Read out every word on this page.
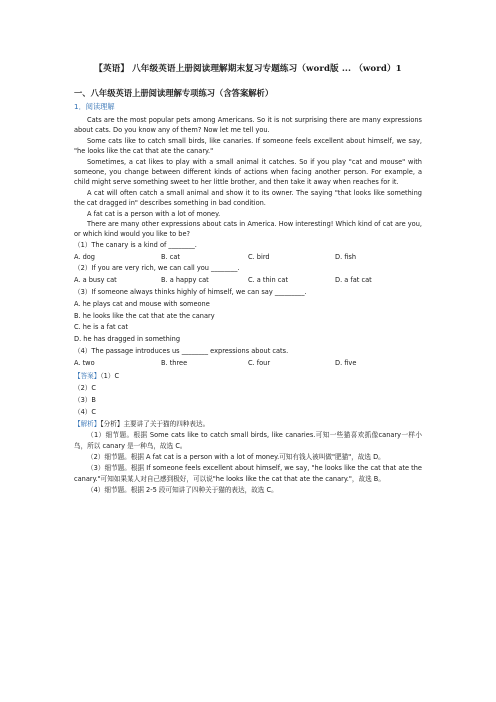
【英语】 八年级英语上册阅读理解期末复习专题练习（word版 ... （word）1
一、八年级英语上册阅读理解专项练习（含答案解析）
1．阅读理解

Cats are the most popular pets among Americans. So it is not surprising there are many expressions about cats. Do you know any of them? Now let me tell you.

Some cats like to catch small birds, like canaries. If someone feels excellent about himself, we say, "he looks like the cat that ate the canary."

Sometimes, a cat likes to play with a small animal it catches. So if you play "cat and mouse" with someone, you change between different kinds of actions when facing another person. For example, a child might serve something sweet to her little brother, and then take it away when reaches for it.

A cat will often catch a small animal and show it to its owner. The saying "that looks like something the cat dragged in" describes something in bad condition.

A fat cat is a person with a lot of money.

There are many other expressions about cats in America. How interesting! Which kind of cat are you, or which kind would you like to be?

（1）The canary is a kind of ________.

A. dog	B. cat	C. bird	D. fish

（2）If you are very rich, we can call you ________.

A. a busy cat	B. a happy cat	C. a thin cat	D. a fat cat

（3）If someone always thinks highly of himself, we can say _________.

A. he plays cat and mouse with someone

B. he looks like the cat that ate the canary

C. he is a fat cat

D. he has dragged in something

（4）The passage introduces us ________ expressions about cats.

A. two	B. three	C. four	D. five

【答案】（1）C

（2）C

（3）B

（4）C

【解析】【分析】主要讲了关于猫的四种表达。

（1）细节题。根据 Some cats like to catch small birds, like canaries.可知一些猫喜欢抓像canary一样小鸟，所以 canary 是一种鸟，故选 C。

（2）细节题。根据 A fat cat is a person with a lot of money.可知有钱人被叫做"肥猫"，故选 D。

（3）细节题。根据 If someone feels excellent about himself, we say, "he looks like the cat that ate the canary."可知如果某人对自己感到极好，可以说"he looks like the cat that ate the canary."，故选 B。

（4）细节题。根据 2-5 段可知讲了四种关于猫的表达，故选 C。
